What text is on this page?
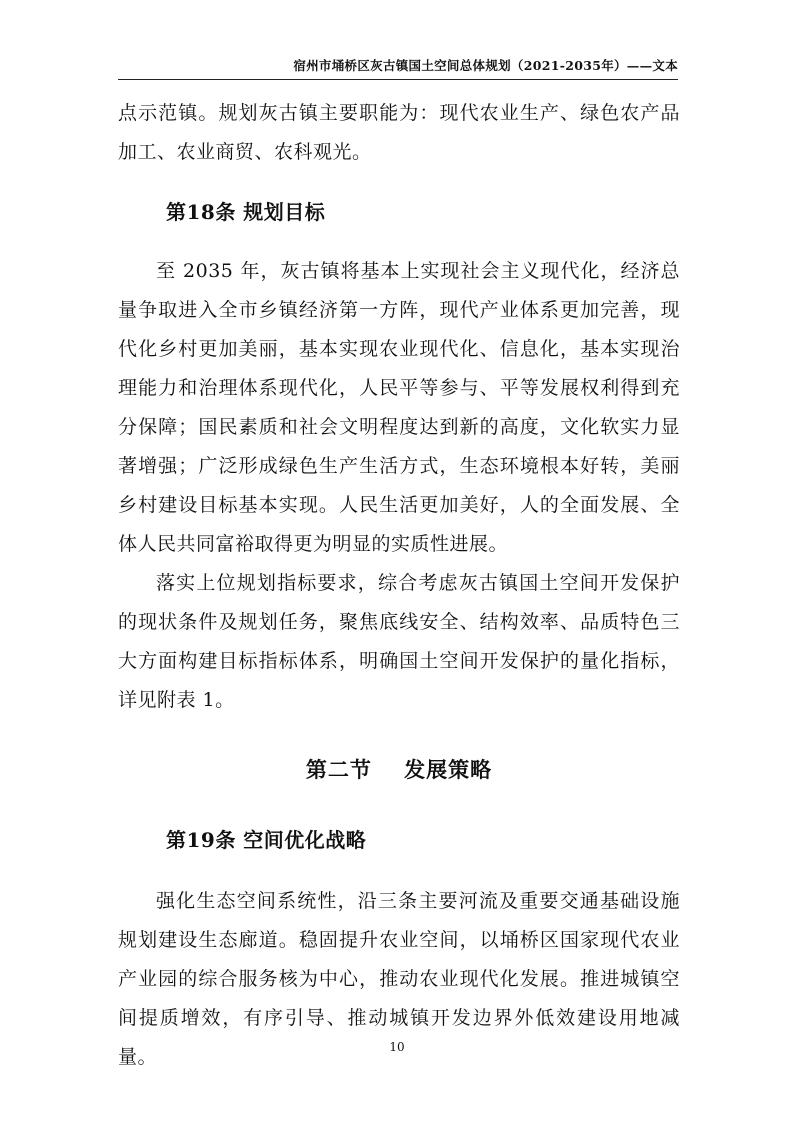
宿州市埇桥区灰古镇国土空间总体规划（2021-2035年）——文本

点示范镇。规划灰古镇主要职能为：现代农业生产、绿色农产品加工、农业商贸、农科观光。

第18条 规划目标

至 2035 年，灰古镇将基本上实现社会主义现代化，经济总量争取进入全市乡镇经济第一方阵，现代产业体系更加完善，现代化乡村更加美丽，基本实现农业现代化、信息化，基本实现治理能力和治理体系现代化，人民平等参与、平等发展权利得到充分保障；国民素质和社会文明程度达到新的高度，文化软实力显著增强；广泛形成绿色生产生活方式，生态环境根本好转，美丽乡村建设目标基本实现。人民生活更加美好，人的全面发展、全体人民共同富裕取得更为明显的实质性进展。

落实上位规划指标要求，综合考虑灰古镇国土空间开发保护的现状条件及规划任务，聚焦底线安全、结构效率、品质特色三大方面构建目标指标体系，明确国土空间开发保护的量化指标，详见附表 1。

第二节 发展策略
第19条 空间优化战略

强化生态空间系统性，沿三条主要河流及重要交通基础设施规划建设生态廊道。稳固提升农业空间，以埇桥区国家现代农业产业园的综合服务核为中心，推动农业现代化发展。推进城镇空间提质增效，有序引导、推动城镇开发边界外低效建设用地减量。	10
